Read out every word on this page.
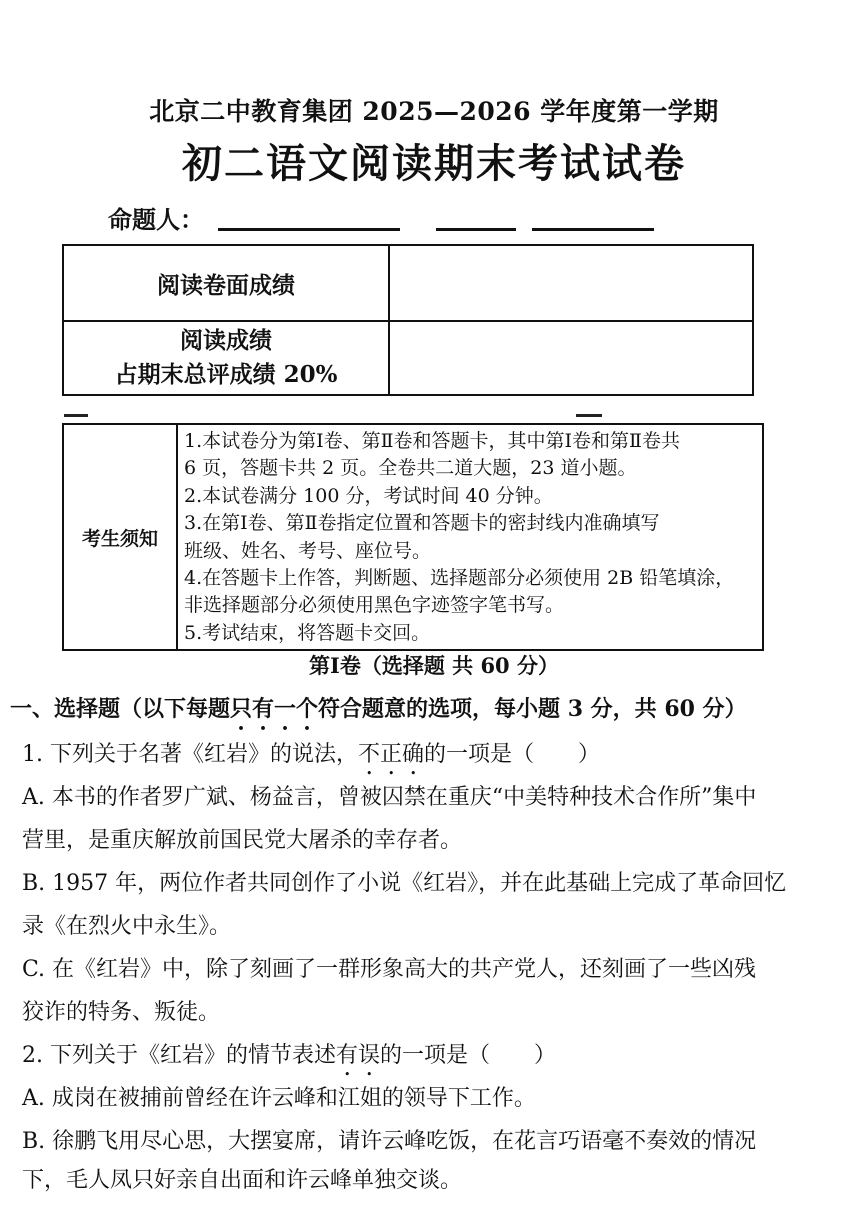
北京二中教育集团 2025—2026 学年度第一学期
初二语文阅读期末考试试卷
命题人：
阅读卷面成绩	

阅读成绩
占期末总评成绩 20%	

考生须知	
1.本试卷分为第Ⅰ卷、第Ⅱ卷和答题卡，其中第Ⅰ卷和第Ⅱ卷共
6 页，答题卡共 2 页。全卷共二道大题，23 道小题。
2.本试卷满分 100 分，考试时间 40 分钟。
3.在第Ⅰ卷、第Ⅱ卷指定位置和答题卡的密封线内准确填写
班级、姓名、考号、座位号。
4.在答题卡上作答，判断题、选择题部分必须使用 2B 铅笔填涂，
非选择题部分必须使用黑色字迹签字笔书写。
5.考试结束，将答题卡交回。
第Ⅰ卷（选择题 共 60 分）
一、选择题（以下每题只有一个符合题意的选项，每小题 3 分，共 60 分）
1. 下列关于名著《红岩》的说法，不正确的一项是（　　）
A. 本书的作者罗广斌、杨益言，曾被囚禁在重庆“中美特种技术合作所”集中
营里，是重庆解放前国民党大屠杀的幸存者。
B. 1957 年，两位作者共同创作了小说《红岩》，并在此基础上完成了革命回忆
录《在烈火中永生》。
C. 在《红岩》中，除了刻画了一群形象高大的共产党人，还刻画了一些凶残
狡诈的特务、叛徒。
2. 下列关于《红岩》的情节表述有误的一项是（　　）
A. 成岗在被捕前曾经在许云峰和江姐的领导下工作。
B. 徐鹏飞用尽心思，大摆宴席，请许云峰吃饭，在花言巧语毫不奏效的情况
下，毛人凤只好亲自出面和许云峰单独交谈。
